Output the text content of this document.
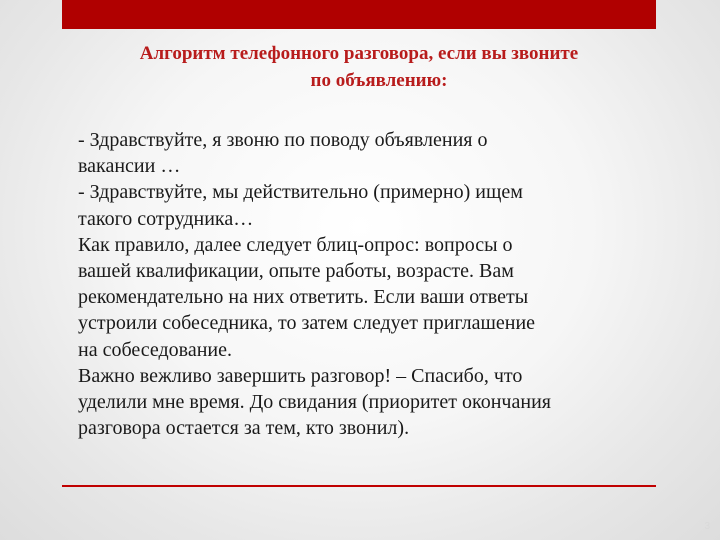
Алгоритм телефонного разговора, если вы звоните
по объявлению:
- Здравствуйте, я звоню по поводу объявления о
вакансии …
- Здравствуйте, мы действительно (примерно) ищем
такого сотрудника…
Как правило, далее следует блиц-опрос: вопросы о
вашей квалификации, опыте работы, возрасте. Вам
рекомендательно на них ответить. Если ваши ответы
устроили собеседника, то затем следует приглашение
на собеседование.
Важно вежливо завершить разговор! – Спасибо, что
уделили мне время. До свидания (приоритет окончания
разговора остается за тем, кто звонил).
3
